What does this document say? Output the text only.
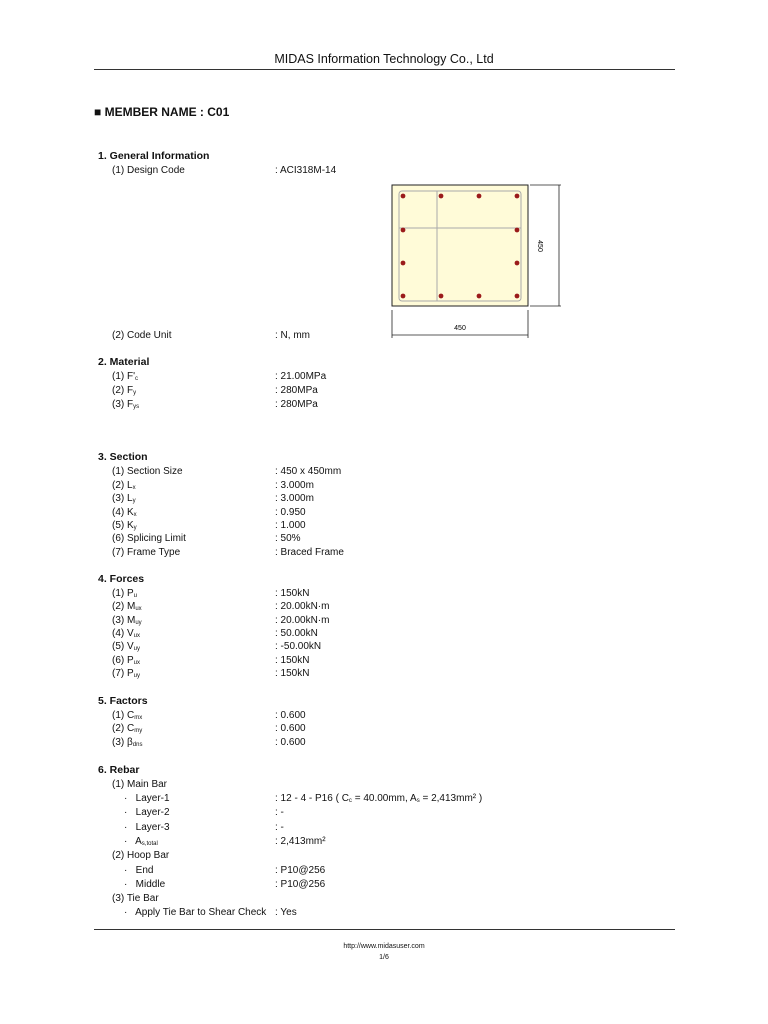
MIDAS Information Technology Co., Ltd
■ MEMBER NAME : C01
1. General Information
(1) Design Code	: ACI318M-14
450
450
(2) Code Unit	: N, mm
2. Material
(1) $F'_c$	: 21.00MPa
(2) $F_y$	: 280MPa
(3) $F_{ys}$	: 280MPa
3. Section
(1) Section Size	: 450 x 450mm
(2) $L_x$	: 3.000m
(3) $L_y$	: 3.000m
(4) $K_x$	: 0.950
(5) $K_y$	: 1.000
(6) Splicing Limit	: 50%
(7) Frame Type	: Braced Frame
4. Forces
(1) $P_u$	: 150kN
(2) $M_{ux}$	: 20.00kN·m
(3) $M_{uy}$	: 20.00kN·m
(4) $V_{ux}$	: 50.00kN
(5) $V_{uy}$	: -50.00kN
(6) $P_{ux}$	: 150kN
(7) $P_{uy}$	: 150kN
5. Factors
(1) $C_{mx}$	: 0.600
(2) $C_{my}$	: 0.600
(3) $\beta_{dns}$	: 0.600
6. Rebar
(1) Main Bar
·   Layer-1	: 12 - 4 - P16 ( $C_c = 40.00mm$, $A_s = 2,413mm^2$ )
·   Layer-2	: -
·   Layer-3	: -
·   $A_{s,total}$	: 2,413mm²
(2) Hoop Bar
·   End	: P10@256
·   Middle	: P10@256
(3) Tie Bar
·   Apply Tie Bar to Shear Check : Yes
http://www.midasuser.com
1/6
